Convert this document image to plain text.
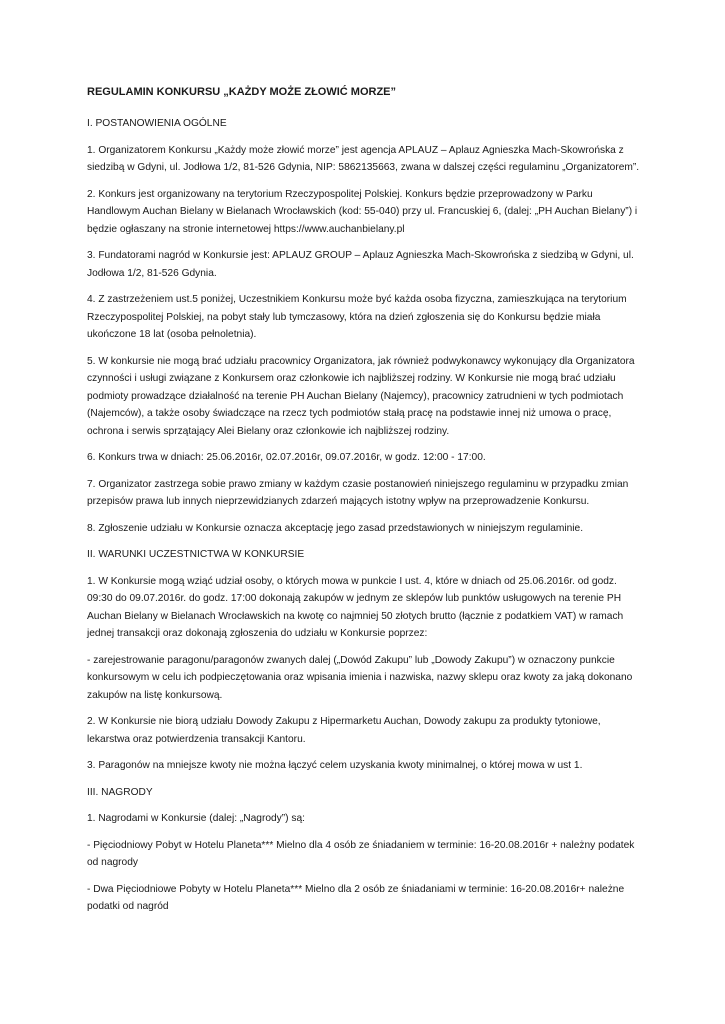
REGULAMIN KONKURSU „KAŻDY MOŻE ZŁOWIĆ MORZE”
I. POSTANOWIENIA OGÓLNE
1. Organizatorem Konkursu „Każdy może złowić morze” jest agencja APLAUZ – Aplauz Agnieszka Mach-Skowrońska z siedzibą w Gdyni, ul. Jodłowa 1/2, 81-526 Gdynia, NIP: 5862135663, zwana w dalszej części regulaminu „Organizatorem”.
2. Konkurs jest organizowany na terytorium Rzeczypospolitej Polskiej. Konkurs będzie przeprowadzony w Parku Handlowym Auchan Bielany w Bielanach Wrocławskich (kod: 55-040) przy ul. Francuskiej 6, (dalej: „PH Auchan Bielany”) i będzie ogłaszany na stronie internetowej https://www.auchanbielany.pl
3. Fundatorami nagród w Konkursie jest: APLAUZ GROUP – Aplauz Agnieszka Mach-Skowrońska z siedzibą w Gdyni, ul. Jodłowa 1/2, 81-526 Gdynia.
4. Z zastrzeżeniem ust.5 poniżej, Uczestnikiem Konkursu może być każda osoba fizyczna, zamieszkująca na terytorium Rzeczypospolitej Polskiej, na pobyt stały lub tymczasowy, która na dzień zgłoszenia się do Konkursu będzie miała ukończone 18 lat (osoba pełnoletnia).
5. W konkursie nie mogą brać udziału pracownicy Organizatora, jak również podwykonawcy wykonujący dla Organizatora czynności i usługi związane z Konkursem oraz członkowie ich najbliższej rodziny. W Konkursie nie mogą brać udziału podmioty prowadzące działalność na terenie PH Auchan Bielany (Najemcy), pracownicy zatrudnieni w tych podmiotach (Najemców), a także osoby świadczące na rzecz tych podmiotów stałą pracę na podstawie innej niż umowa o pracę, ochrona i serwis sprzątający Alei Bielany oraz członkowie ich najbliższej rodziny.
6. Konkurs trwa w dniach: 25.06.2016r, 02.07.2016r, 09.07.2016r, w godz. 12:00 - 17:00.
7. Organizator zastrzega sobie prawo zmiany w każdym czasie postanowień niniejszego regulaminu w przypadku zmian przepisów prawa lub innych nieprzewidzianych zdarzeń mających istotny wpływ na przeprowadzenie Konkursu.
8. Zgłoszenie udziału w Konkursie oznacza akceptację jego zasad przedstawionych w niniejszym regulaminie.
II. WARUNKI UCZESTNICTWA W KONKURSIE
1. W Konkursie mogą wziąć udział osoby, o których mowa w punkcie I ust. 4, które w dniach od 25.06.2016r. od godz. 09:30 do 09.07.2016r. do godz. 17:00 dokonają zakupów w jednym ze sklepów lub punktów usługowych na terenie PH Auchan Bielany w Bielanach Wrocławskich na kwotę co najmniej 50 złotych brutto (łącznie z podatkiem VAT) w ramach jednej transakcji oraz dokonają zgłoszenia do udziału w Konkursie poprzez:
- zarejestrowanie paragonu/paragonów zwanych dalej („Dowód Zakupu” lub „Dowody Zakupu”) w oznaczony punkcie konkursowym w celu ich podpieczętowania oraz wpisania imienia i nazwiska, nazwy sklepu oraz kwoty za jaką dokonano zakupów na listę konkursową.
2. W Konkursie nie biorą udziału Dowody Zakupu z Hipermarketu Auchan, Dowody zakupu za produkty tytoniowe, lekarstwa oraz potwierdzenia transakcji Kantoru.
3. Paragonów na mniejsze kwoty nie można łączyć celem uzyskania kwoty minimalnej, o której mowa w ust 1.
III. NAGRODY
1. Nagrodami w Konkursie (dalej: „Nagrody”) są:
- Pięciodniowy Pobyt w Hotelu Planeta*** Mielno dla 4 osób ze śniadaniem w terminie: 16-20.08.2016r + należny podatek od nagrody
- Dwa Pięciodniowe Pobyty w Hotelu Planeta*** Mielno dla 2 osób ze śniadaniami w terminie: 16-20.08.2016r+ należne podatki od nagród
